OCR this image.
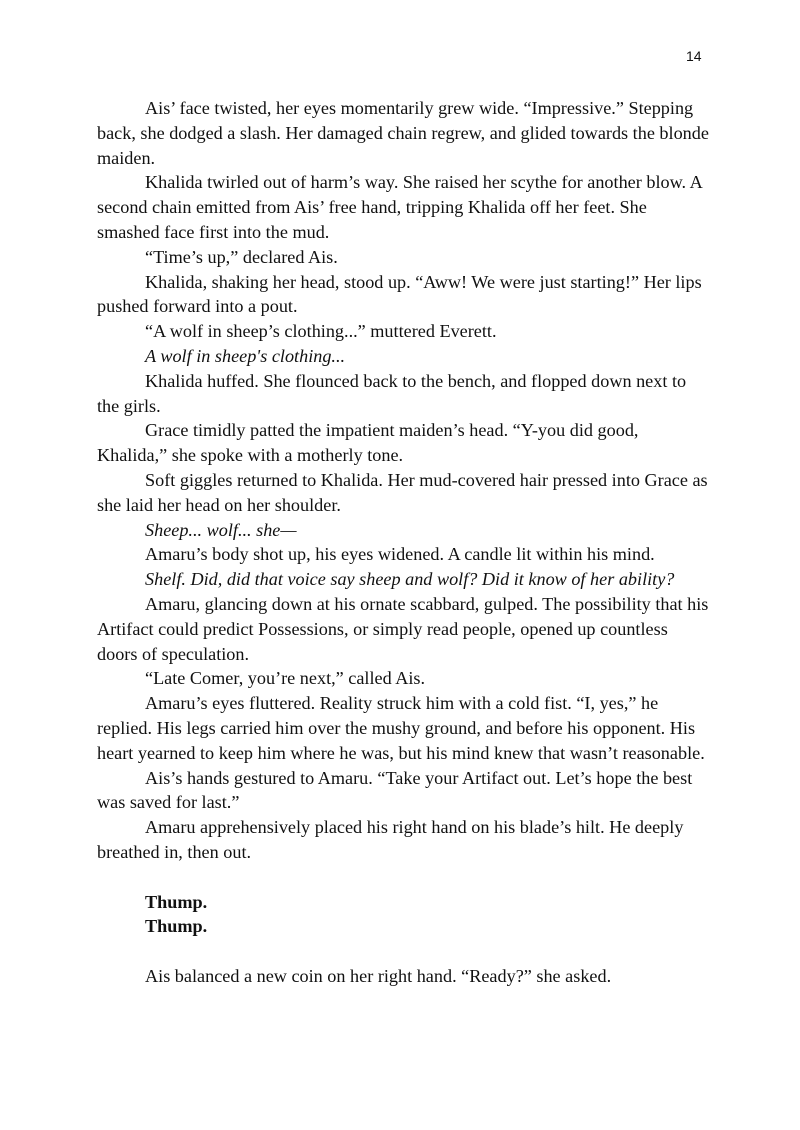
14

Ais’ face twisted, her eyes momentarily grew wide. “Impressive.” Stepping back, she dodged a slash. Her damaged chain regrew, and glided towards the blonde maiden.

Khalida twirled out of harm’s way. She raised her scythe for another blow. A second chain emitted from Ais’ free hand, tripping Khalida off her feet. She smashed face first into the mud.

“Time’s up,” declared Ais.

Khalida, shaking her head, stood up. “Aww! We were just starting!” Her lips pushed forward into a pout.

“A wolf in sheep’s clothing...” muttered Everett.

A wolf in sheep's clothing...

Khalida huffed. She flounced back to the bench, and flopped down next to the girls.

Grace timidly patted the impatient maiden’s head. “Y-you did good, Khalida,” she spoke with a motherly tone.

Soft giggles returned to Khalida. Her mud-covered hair pressed into Grace as she laid her head on her shoulder.

Sheep... wolf... she—

Amaru’s body shot up, his eyes widened. A candle lit within his mind.

Shelf. Did, did that voice say sheep and wolf? Did it know of her ability?

Amaru, glancing down at his ornate scabbard, gulped. The possibility that his Artifact could predict Possessions, or simply read people, opened up countless doors of speculation.

“Late Comer, you’re next,” called Ais.

Amaru’s eyes fluttered. Reality struck him with a cold fist. “I, yes,” he replied. His legs carried him over the mushy ground, and before his opponent. His heart yearned to keep him where he was, but his mind knew that wasn’t reasonable.

Ais’s hands gestured to Amaru. “Take your Artifact out. Let’s hope the best was saved for last.”

Amaru apprehensively placed his right hand on his blade’s hilt. He deeply breathed in, then out.

Thump.

Thump.

Ais balanced a new coin on her right hand. “Ready?” she asked.
